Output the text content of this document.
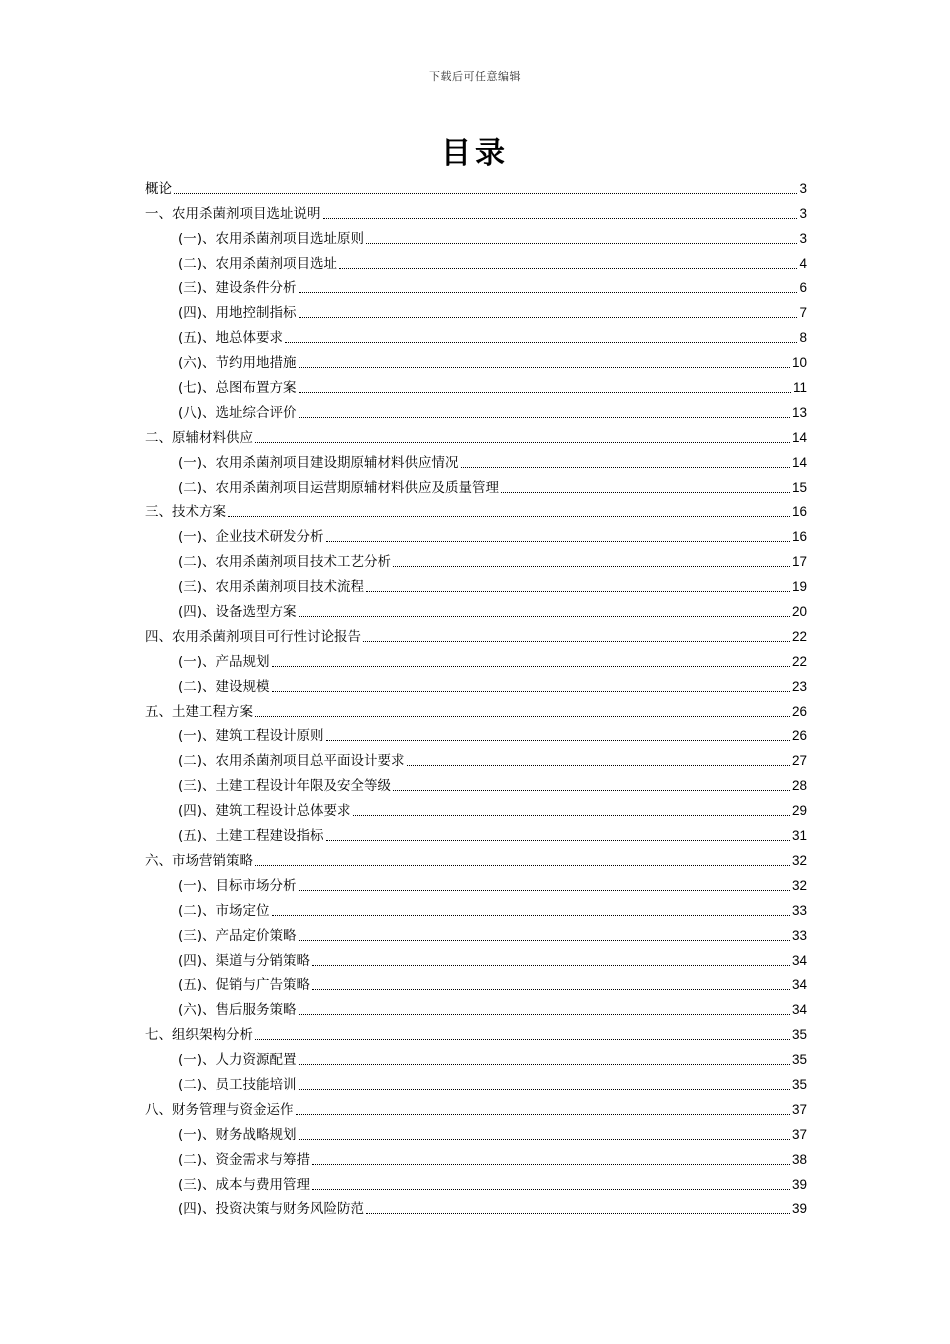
下载后可任意编辑
目录
概论	3
一、农用杀菌剂项目选址说明	3
(一)、农用杀菌剂项目选址原则	3
(二)、农用杀菌剂项目选址	4
(三)、建设条件分析	6
(四)、用地控制指标	7
(五)、地总体要求	8
(六)、节约用地措施	10
(七)、总图布置方案	11
(八)、选址综合评价	13
二、原辅材料供应	14
(一)、农用杀菌剂项目建设期原辅材料供应情况	14
(二)、农用杀菌剂项目运营期原辅材料供应及质量管理	15
三、技术方案	16
(一)、企业技术研发分析	16
(二)、农用杀菌剂项目技术工艺分析	17
(三)、农用杀菌剂项目技术流程	19
(四)、设备选型方案	20
四、农用杀菌剂项目可行性讨论报告	22
(一)、产品规划	22
(二)、建设规模	23
五、土建工程方案	26
(一)、建筑工程设计原则	26
(二)、农用杀菌剂项目总平面设计要求	27
(三)、土建工程设计年限及安全等级	28
(四)、建筑工程设计总体要求	29
(五)、土建工程建设指标	31
六、市场营销策略	32
(一)、目标市场分析	32
(二)、市场定位	33
(三)、产品定价策略	33
(四)、渠道与分销策略	34
(五)、促销与广告策略	34
(六)、售后服务策略	34
七、组织架构分析	35
(一)、人力资源配置	35
(二)、员工技能培训	35
八、财务管理与资金运作	37
(一)、财务战略规划	37
(二)、资金需求与筹措	38
(三)、成本与费用管理	39
(四)、投资决策与财务风险防范	39
